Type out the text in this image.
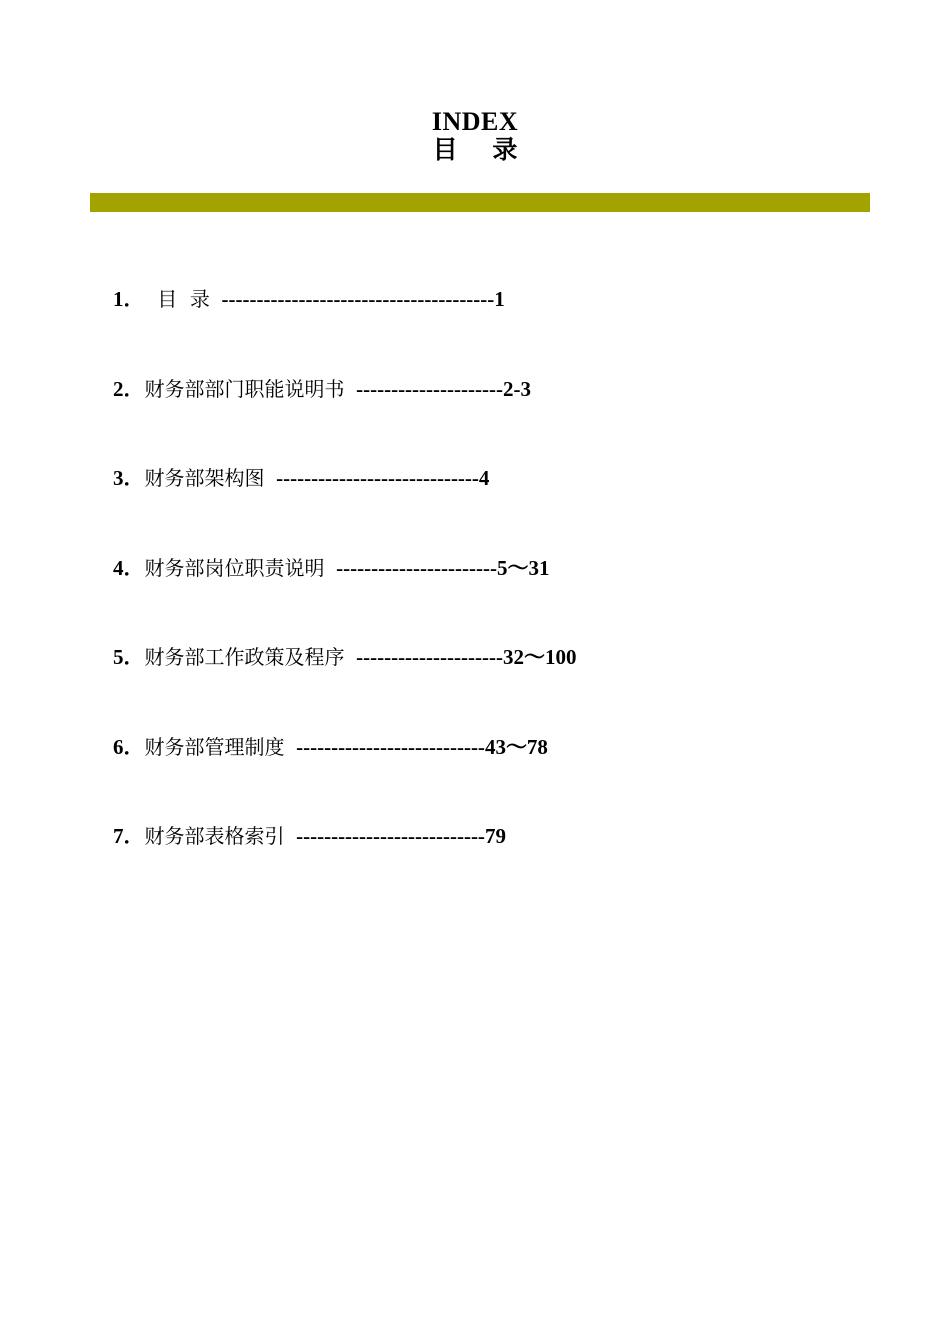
INDEX
目    录
1．  目  录  ---------------------------------------1
2．财务部部门职能说明书  ---------------------2-3
3．财务部架构图  -----------------------------4
4．财务部岗位职责说明  -----------------------5～31
5．财务部工作政策及程序  ---------------------32～100
6．财务部管理制度  ---------------------------43～78
7．财务部表格索引  ---------------------------79
